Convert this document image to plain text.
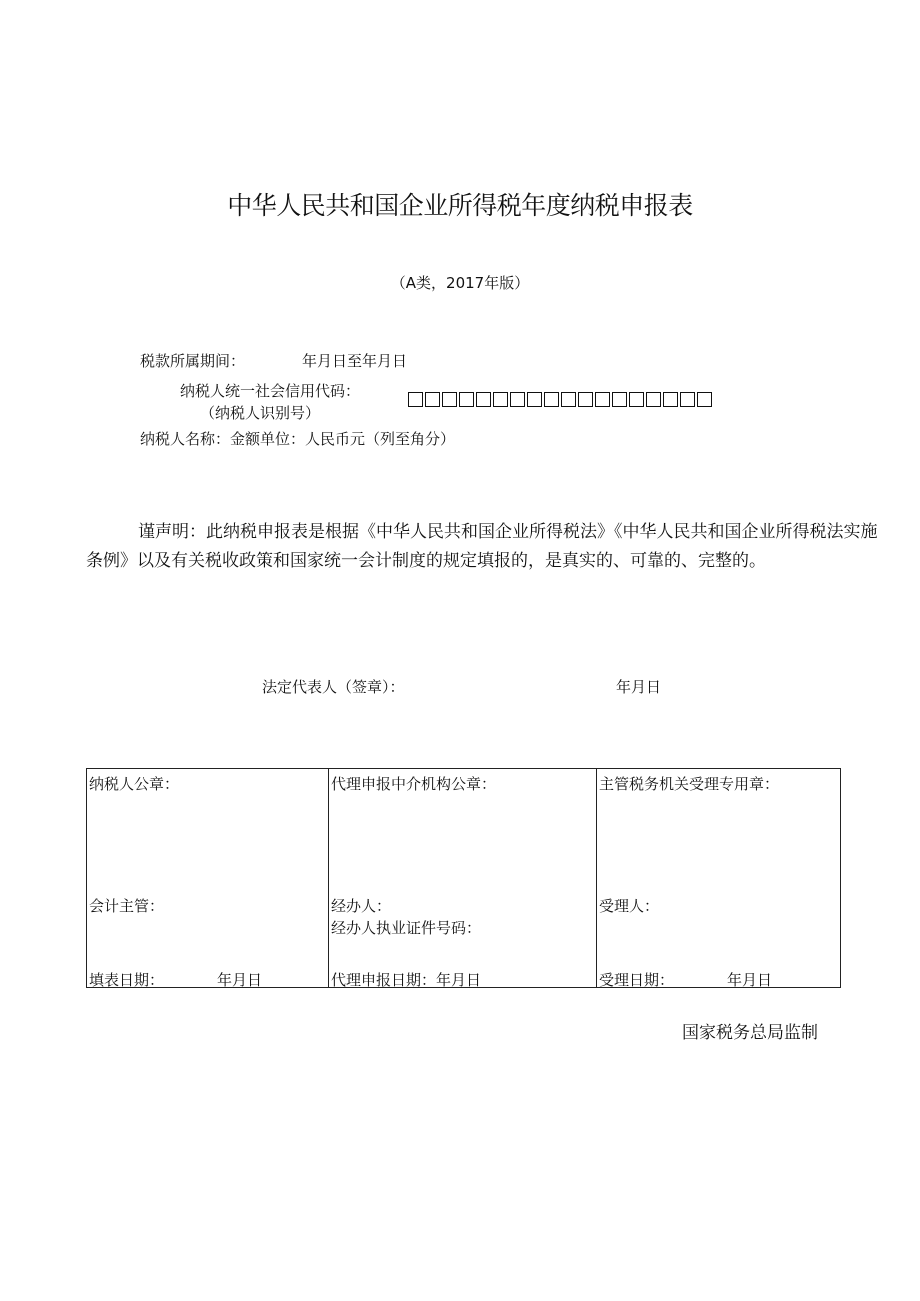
中华人民共和国企业所得税年度纳税申报表
（A类，2017年版）
税款所属期间：	年月日至年月日
纳税人统一社会信用代码：
（纳税人识别号）
纳税人名称：金额单位：人民币元（列至角分）
谨声明：此纳税申报表是根据《中华人民共和国企业所得税法》《中华人民共和国企业所得税法实施条例》以及有关税收政策和国家统一会计制度的规定填报的，是真实的、可靠的、完整的。
法定代表人（签章）：	年月日
纳税人公章：
会计主管：
填表日期：	年月日
代理申报中介机构公章：
经办人：
经办人执业证件号码：
代理申报日期：年月日
主管税务机关受理专用章：
受理人：
受理日期：	年月日
国家税务总局监制
